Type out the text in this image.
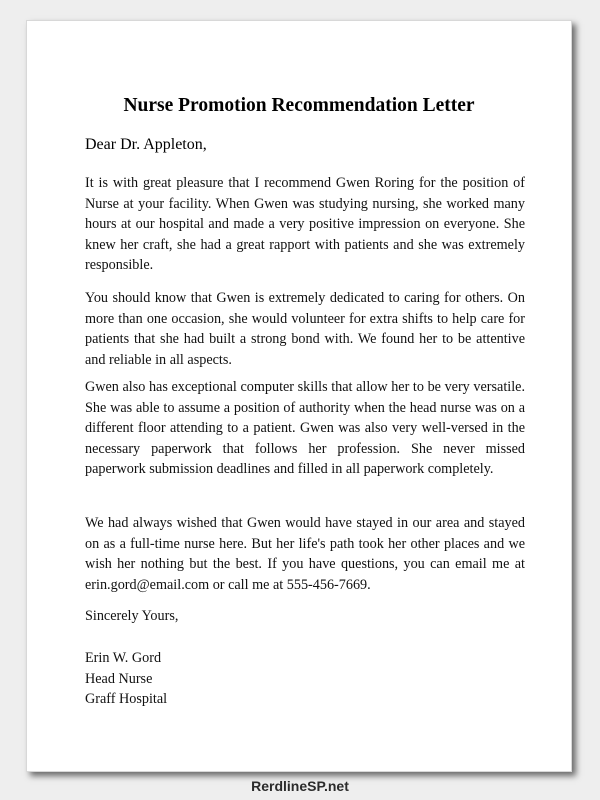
Nurse Promotion Recommendation Letter

Dear Dr. Appleton,

It is with great pleasure that I recommend Gwen Roring for the position of Nurse at your facility. When Gwen was studying nursing, she worked many hours at our hospital and made a very positive impression on everyone. She knew her craft, she had a great rapport with patients and she was extremely responsible.

You should know that Gwen is extremely dedicated to caring for others. On more than one occasion, she would volunteer for extra shifts to help care for patients that she had built a strong bond with. We found her to be attentive and reliable in all aspects.

Gwen also has exceptional computer skills that allow her to be very versatile. She was able to assume a position of authority when the head nurse was on a different floor attending to a patient. Gwen was also very well-versed in the necessary paperwork that follows her profession. She never missed paperwork submission deadlines and filled in all paperwork completely.

We had always wished that Gwen would have stayed in our area and stayed on as a full-time nurse here. But her life's path took her other places and we wish her nothing but the best. If you have questions, you can email me at erin.gord@email.com or call me at 555-456-7669.

Sincerely Yours,

Erin W. Gord
Head Nurse
Graff Hospital

RerdlineSP.net
